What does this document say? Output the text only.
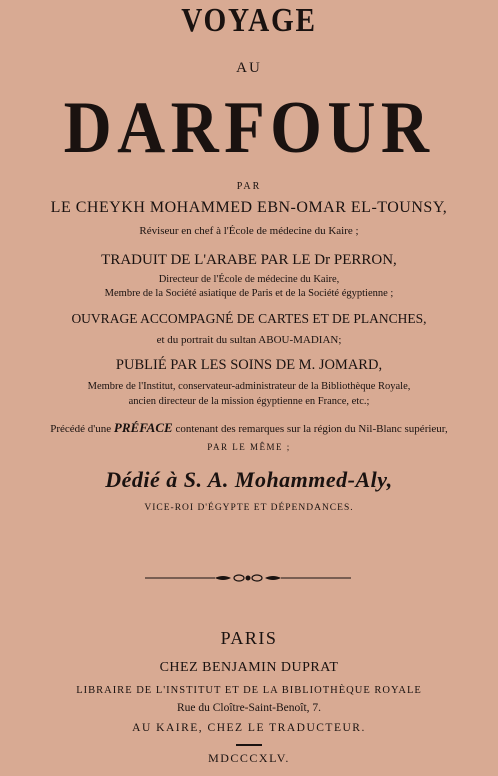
VOYAGE
AU
DARFOUR
PAR
LE CHEYKH MOHAMMED EBN-OMAR EL-TOUNSY,
Réviseur en chef à l'École de médecine du Kaire ;
TRADUIT DE L'ARABE PAR LE Dr PERRON,
Directeur de l'École de médecine du Kaire,
Membre de la Société asiatique de Paris et de la Société égyptienne ;
OUVRAGE ACCOMPAGNÉ DE CARTES ET DE PLANCHES,
et du portrait du sultan ABOU-MADIAN;
PUBLIÉ PAR LES SOINS DE M. JOMARD,
Membre de l'Institut, conservateur-administrateur de la Bibliothèque Royale,
ancien directeur de la mission égyptienne en France, etc.;
Précédé d'une PRÉFACE contenant des remarques sur la région du Nil-Blanc supérieur,
PAR LE MÊME ;
Dédié à S. A. Mohammed-Aly,
VICE-ROI D'ÉGYPTE ET DÉPENDANCES.
PARIS
CHEZ BENJAMIN DUPRAT
LIBRAIRE DE L'INSTITUT ET DE LA BIBLIOTHÈQUE ROYALE
Rue du Cloître-Saint-Benoît, 7.
AU KAIRE, CHEZ LE TRADUCTEUR.
MDCCCXLV.
